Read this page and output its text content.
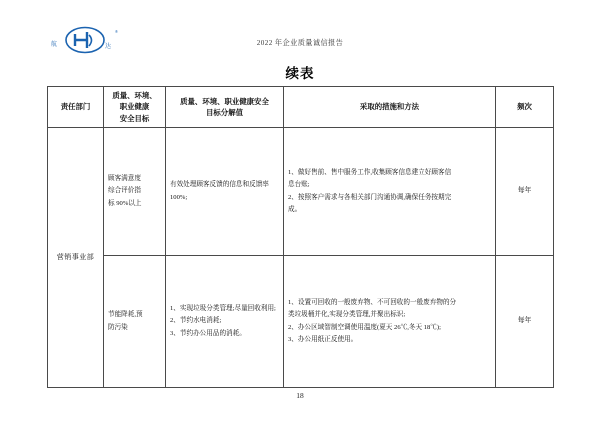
航	达
®
2022 年企业质量诚信报告
续表
责任部门	质量、环境、
职业健康
安全目标	质量、环境、职业健康安全
目标分解值	采取的措施和方法	频次
营销事业部	顾客满意度
综合评价指
标 90%以上	有效处理顾客反馈的信息和反馈率 100%;	1、做好售前、售中服务工作,收集顾客信息建立好顾客信
息台账;
2、按照客户需求与各相关部门沟通协调,确保任务按期完
成。	每年

	节能降耗,预
防污染	1、实现垃圾分类管理;尽量回收利用;
2、节约水电消耗;
3、节约办公用品的消耗。	1、设置可回收的一般废弃物、不可回收的一般废弃物的分
类垃圾桶并化,实现分类管理,并聚出标识;
2、办公区域智制空调使用温度(夏天 26℃,冬天 18℃);
3、办公用纸正反使用。	每年
18
